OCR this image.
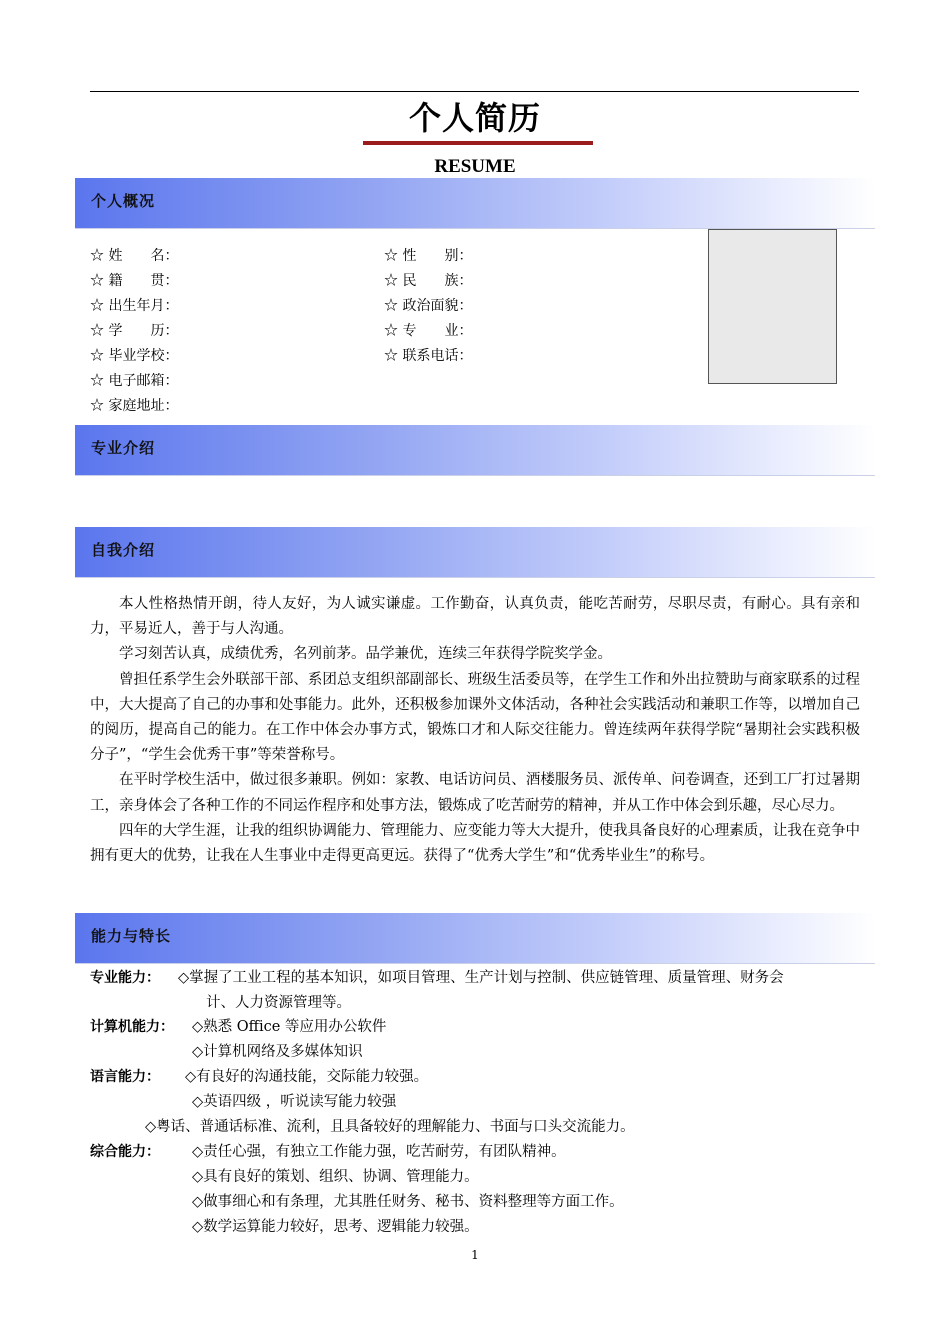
个人简历
RESUME
个人概况
☆ 姓　　名：
☆ 籍　　贯：
☆ 出生年月：
☆ 学　　历：
☆ 毕业学校：
☆ 电子邮箱：
☆ 家庭地址：
☆ 性　　别：
☆ 民　　族：
☆ 政治面貌：
☆ 专　　业：
☆ 联系电话：
专业介绍
自我介绍

本人性格热情开朗，待人友好，为人诚实谦虚。工作勤奋，认真负责，能吃苦耐劳，尽职尽责，有耐心。具有亲和力，平易近人，善于与人沟通。

学习刻苦认真，成绩优秀，名列前茅。品学兼优，连续三年获得学院奖学金。

曾担任系学生会外联部干部、系团总支组织部副部长、班级生活委员等，在学生工作和外出拉赞助与商家联系的过程中，大大提高了自己的办事和处事能力。此外，还积极参加课外文体活动，各种社会实践活动和兼职工作等，以增加自己的阅历，提高自己的能力。在工作中体会办事方式，锻炼口才和人际交往能力。曾连续两年获得学院“暑期社会实践积极分子”，“学生会优秀干事”等荣誉称号。

在平时学校生活中，做过很多兼职。例如：家教、电话访问员、酒楼服务员、派传单、问卷调查，还到工厂打过暑期工，亲身体会了各种工作的不同运作程序和处事方法，锻炼成了吃苦耐劳的精神，并从工作中体会到乐趣，尽心尽力。

四年的大学生涯，让我的组织协调能力、管理能力、应变能力等大大提升，使我具备良好的心理素质，让我在竞争中拥有更大的优势，让我在人生事业中走得更高更远。获得了“优秀大学生”和“优秀毕业生”的称号。

能力与特长
专业能力： ◇掌握了工业工程的基本知识，如项目管理、生产计划与控制、供应链管理、质量管理、财务会
计、人力资源管理等。
计算机能力： ◇熟悉 Office 等应用办公软件
◇计算机网络及多媒体知识
语言能力： ◇有良好的沟通技能，交际能力较强。
◇英语四级 ，听说读写能力较强
◇粤话、普通话标准、流利，且具备较好的理解能力、书面与口头交流能力。
综合能力： ◇责任心强，有独立工作能力强，吃苦耐劳，有团队精神。
◇具有良好的策划、组织、协调、管理能力。
◇做事细心和有条理，尤其胜任财务、秘书、资料整理等方面工作。
◇数学运算能力较好，思考、逻辑能力较强。
1
